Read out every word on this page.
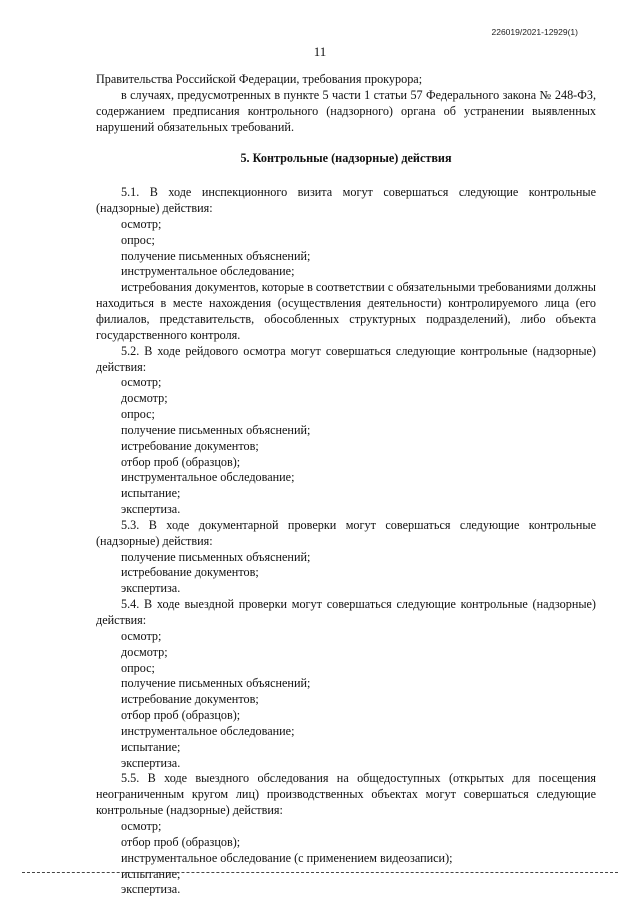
226019/2021-12929(1)
11

Правительства Российской Федерации, требования прокурора;

в случаях, предусмотренных в пункте 5 части 1 статьи 57 Федерального закона № 248-ФЗ, содержанием предписания контрольного (надзорного) органа об устранении выявленных нарушений обязательных требований.

5. Контрольные (надзорные) действия

5.1. В ходе инспекционного визита могут совершаться следующие контрольные (надзорные) действия:

осмотр;

опрос;

получение письменных объяснений;

инструментальное обследование;

истребования документов, которые в соответствии с обязательными требованиями должны находиться в месте нахождения (осуществления деятельности) контролируемого лица (его филиалов, представительств, обособленных структурных подразделений), либо объекта государственного контроля.

5.2. В ходе рейдового осмотра могут совершаться следующие контрольные (надзорные) действия:

осмотр;

досмотр;

опрос;

получение письменных объяснений;

истребование документов;

отбор проб (образцов);

инструментальное обследование;

испытание;

экспертиза.

5.3. В ходе документарной проверки могут совершаться следующие контрольные (надзорные) действия:

получение письменных объяснений;

истребование документов;

экспертиза.

5.4. В ходе выездной проверки могут совершаться следующие контрольные (надзорные) действия:

осмотр;

досмотр;

опрос;

получение письменных объяснений;

истребование документов;

отбор проб (образцов);

инструментальное обследование;

испытание;

экспертиза.

5.5. В ходе выездного обследования на общедоступных (открытых для посещения неограниченным кругом лиц) производственных объектах могут совершаться следующие контрольные (надзорные) действия:

осмотр;

отбор проб (образцов);

инструментальное обследование (с применением видеозаписи);

испытание;

экспертиза.
